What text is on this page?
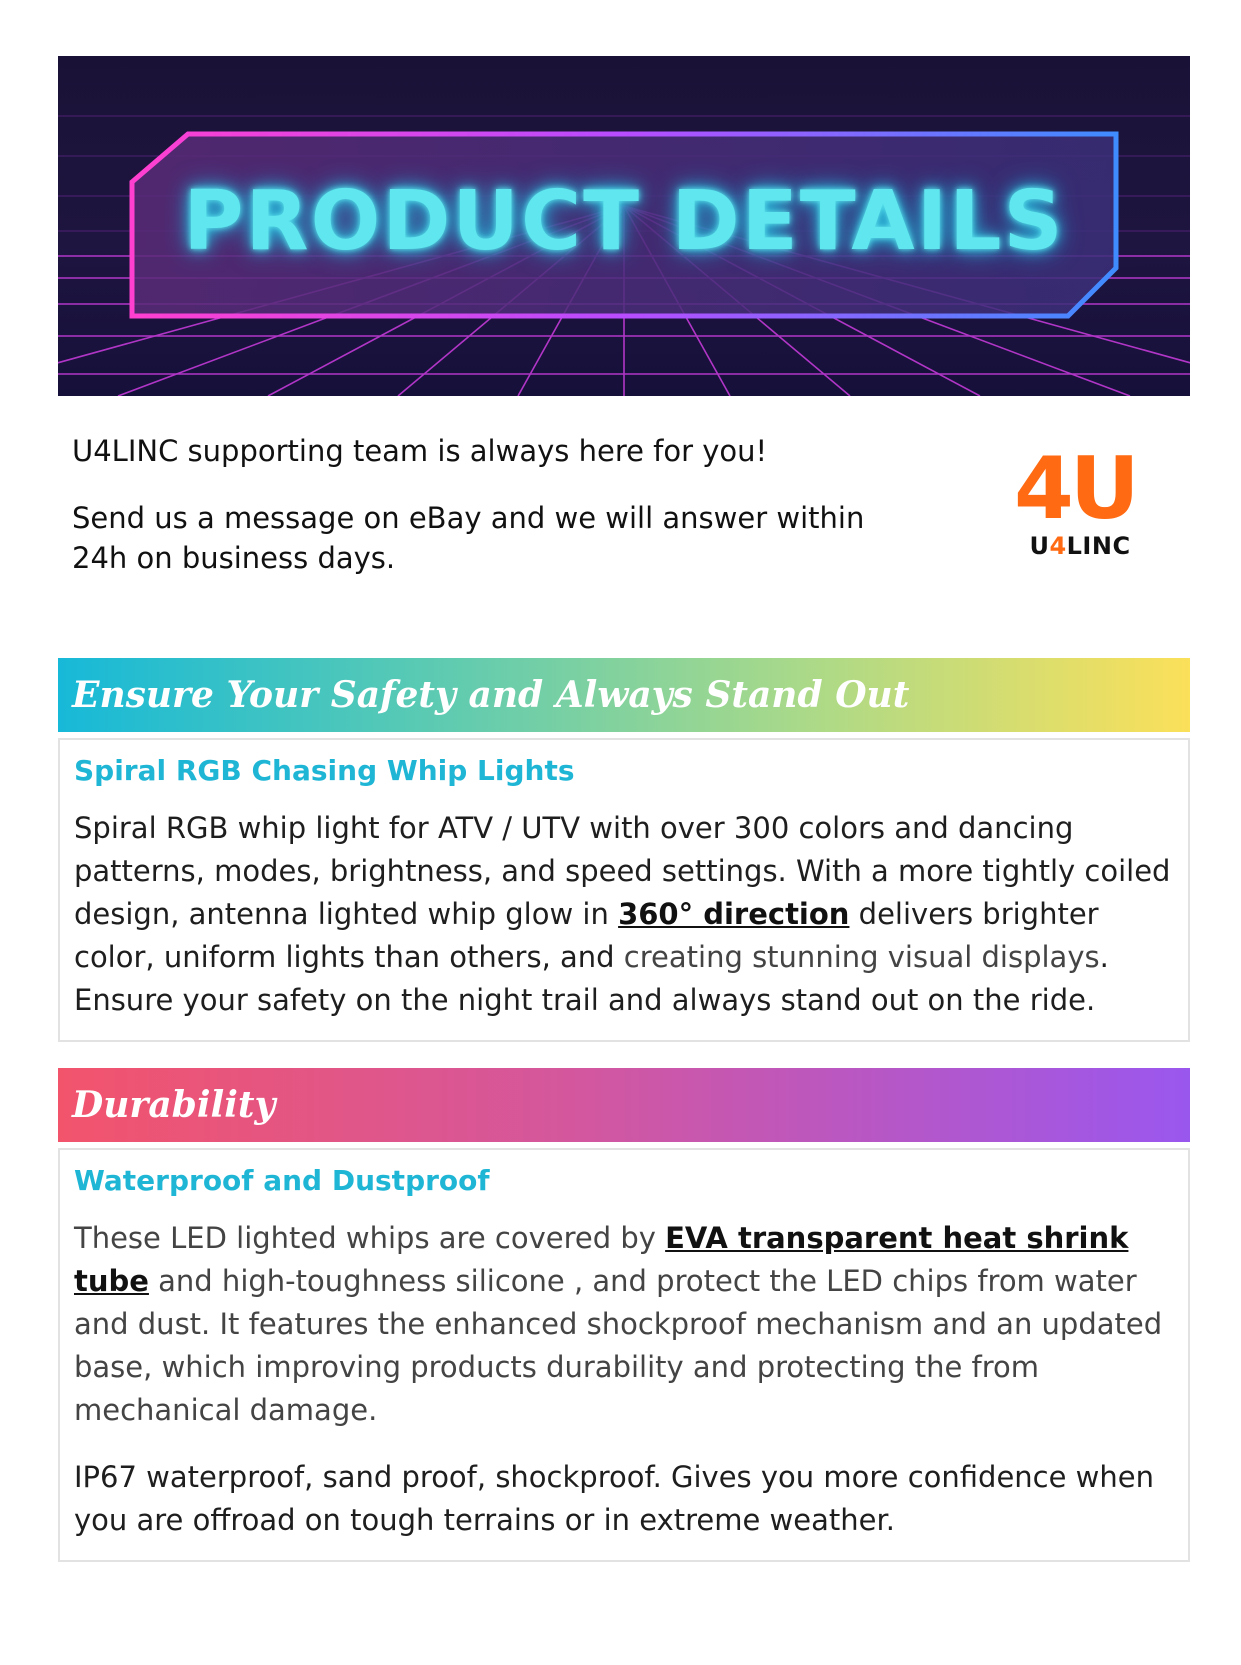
PRODUCT DETAILS
U4LINC supporting team is always here for you!
Send us a message on eBay and we will answer within 24h on business days.
4U
U4LINC
Ensure Your Safety and Always Stand Out
Spiral RGB Chasing Whip Lights

Spiral RGB whip light for ATV / UTV with over 300 colors and dancing patterns, modes, brightness, and speed settings. With a more tightly coiled design, antenna lighted whip glow in 360° direction delivers brighter color, uniform lights than others, and creating stunning visual displays. Ensure your safety on the night trail and always stand out on the ride.

Durability
Waterproof and Dustproof

These LED lighted whips are covered by EVA transparent heat shrink tube and high-toughness silicone , and protect the LED chips from water and dust. It features the enhanced shockproof mechanism and an updated base, which improving products durability and protecting the from mechanical damage.

IP67 waterproof, sand proof, shockproof. Gives you more confidence when you are offroad on tough terrains or in extreme weather.
